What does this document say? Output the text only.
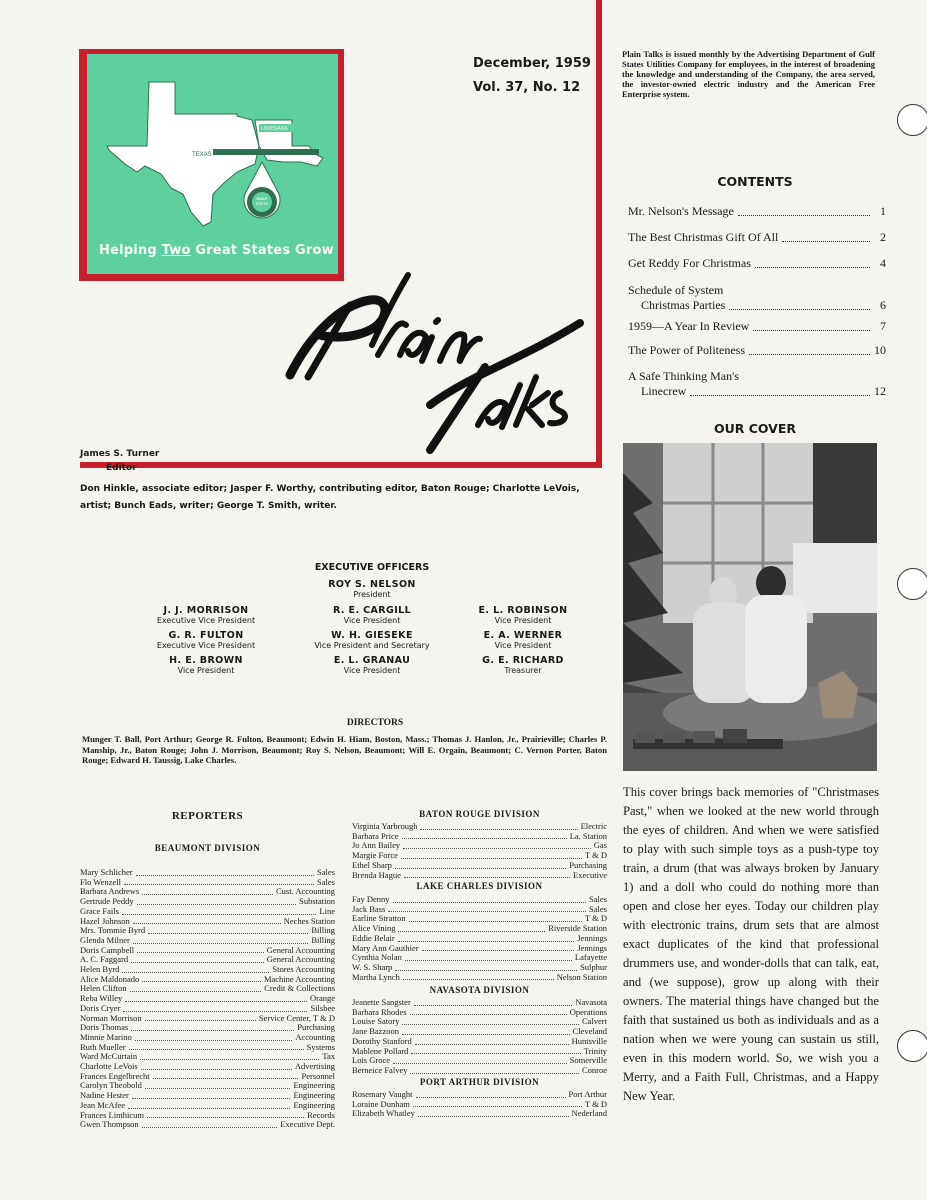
TEXAS
LOUISIANA
GULF
STATES
Helping Two Great States Grow
December, 1959
Vol. 37, No. 12
James S. Turner
Editor
Don Hinkle, associate editor; Jasper F. Worthy, contributing editor, Baton Rouge; Charlotte LeVois, artist; Bunch Eads, writer; George T. Smith, writer.
Plain Talks is issued monthly by the Advertising Department of Gulf States Utilities Company for employees, in the interest of broadening the knowledge and understanding of the Company, the area served, the investor-owned electric industry and the American Free Enterprise system.
CONTENTS
Mr. Nelson's Message	1
The Best Christmas Gift Of All	2
Get Reddy For Christmas	4
Schedule of System
Christmas Parties	6
1959—A Year In Review	7
The Power of Politeness	10
A Safe Thinking Man's
Linecrew	12
OUR COVER
This cover brings back memories of "Christmases Past," when we looked at the new world through the eyes of children. And when we were satisfied to play with such simple toys as a push-type toy train, a drum (that was always broken by January 1) and a doll who could do nothing more than open and close her eyes. Today our children play with electronic trains, drum sets that are almost exact duplicates of the kind that professional drummers use, and wonder-dolls that can talk, eat, and (we suppose), grow up along with their owners. The material things have changed but the faith that sustained us both as individuals and as a nation when we were young can sustain us still, even in this modern world. So, we wish you a Merry, and a Faith Full, Christmas, and a Happy New Year.
EXECUTIVE OFFICERS
ROY S. NELSON
President
J. J. MORRISON
Executive Vice President
G. R. FULTON
Executive Vice President
H. E. BROWN
Vice President
R. E. CARGILL
Vice President
W. H. GIESEKE
Vice President and Secretary
E. L. GRANAU
Vice President
E. L. ROBINSON
Vice President
E. A. WERNER
Vice President
G. E. RICHARD
Treasurer
DIRECTORS
Munger T. Ball, Port Arthur; George R. Fulton, Beaumont; Edwin H. Hiam, Boston, Mass.; Thomas J. Hanlon, Jr., Prairieville; Charles P. Manship, Jr., Baton Rouge; John J. Morrison, Beaumont; Roy S. Nelson, Beaumont; Will E. Orgain, Beaumont; C. Vernon Porter, Baton Rouge; Edward H. Taussig, Lake Charles.
REPORTERS
BEAUMONT DIVISION
Mary Schlicher	Sales
Flo Wenzell	Sales
Barbara Andrews	Cust. Accounting
Gertrude Peddy	Substation
Grace Fails	Line
Hazel Johnson	Neches Station
Mrs. Tommie Byrd	Billing
Glenda Milner	Billing
Doris Campbell	General Accounting
A. C. Faggard	General Accounting
Helen Byrd	Stores Accounting
Alice Maldonado	Machine Accounting
Helen Clifton	Credit & Collections
Reba Willey	Orange
Doris Cryer	Silsbee
Norman Morrison	Service Center, T & D
Doris Thomas	Purchasing
Minnie Marino	Accounting
Ruth Mueller	Systems
Ward McCurtain	Tax
Charlotte LeVois	Advertising
Frances Engelbrecht	Personnel
Carolyn Theobold	Engineering
Nadine Hester	Engineering
Jean McAfee	Engineering
Frances Linthicum	Records
Gwen Thompson	Executive Dept.
BATON ROUGE DIVISION
Virginia Yarbrough	Electric
Barbara Price	La. Station
Jo Ann Bailey	Gas
Margie Force	T & D
Ethel Sharp	Purchasing
Brenda Hague	Executive
LAKE CHARLES DIVISION
Fay Denny	Sales
Jack Bass	Sales
Earline Stratton	T & D
Alice Vining	Riverside Station
Eddie Belair	Jennings
Mary Ann Gauthier	Jennings
Cynthia Nolan	Lafayette
W. S. Sharp	Sulphur
Martha Lynch	Nelson Station
NAVASOTA DIVISION
Jeanette Sangster	Navasota
Barbara Rhodes	Operations
Louise Satory	Calvert
Jane Bazzoon	Cleveland
Dorothy Stanford	Huntsville
Mablene Pollard	Trinity
Lois Groce	Somerville
Berneice Falvey	Conroe
PORT ARTHUR DIVISION
Rosemary Vaught	Port Arthur
Loraine Dunham	T & D
Elizabeth Whatley	Nederland
